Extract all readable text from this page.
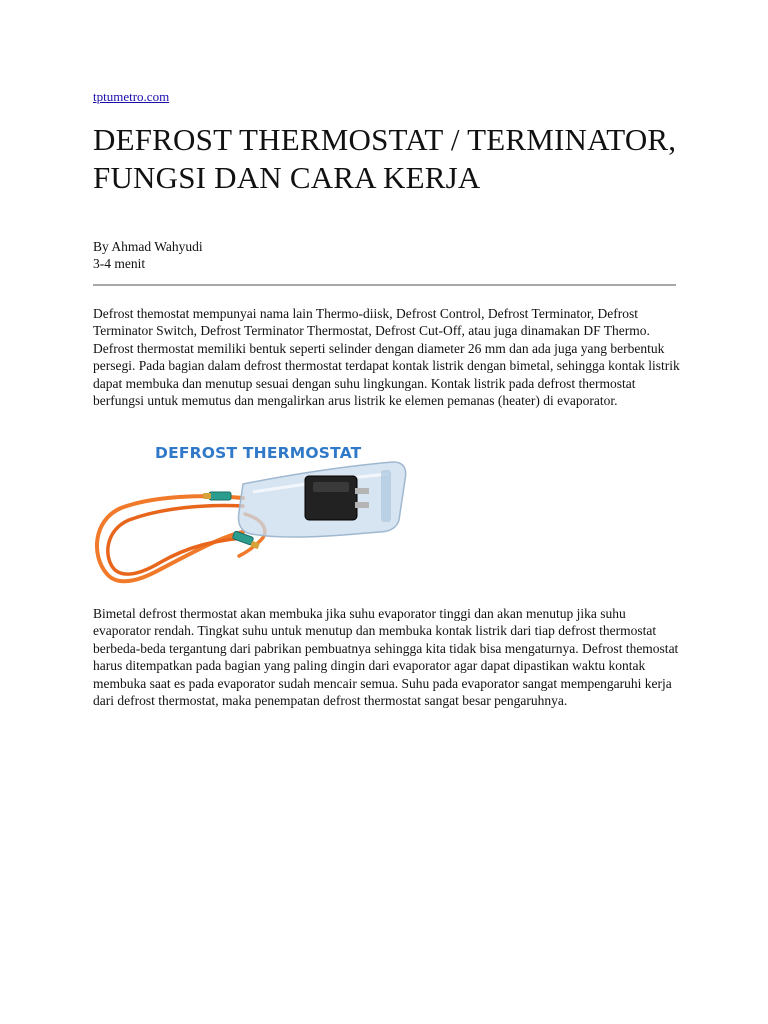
tptumetro.com
DEFROST THERMOSTAT / TERMINATOR, FUNGSI DAN CARA KERJA
By Ahmad Wahyudi
3-4 menit

Defrost themostat mempunyai nama lain Thermo-diisk, Defrost Control, Defrost Terminator, Defrost Terminator Switch, Defrost Terminator Thermostat, Defrost Cut-Off, atau juga dinamakan DF Thermo. Defrost thermostat memiliki bentuk seperti selinder dengan diameter 26 mm dan ada juga yang berbentuk persegi. Pada bagian dalam defrost thermostat terdapat kontak listrik dengan bimetal, sehingga kontak listrik dapat membuka dan menutup sesuai dengan suhu lingkungan. Kontak listrik pada defrost thermostat berfungsi untuk memutus dan mengalirkan arus listrik ke elemen pemanas (heater) di evaporator.

DEFROST THERMOSTAT

Bimetal defrost thermostat akan membuka jika suhu evaporator tinggi dan akan menutup jika suhu evaporator rendah. Tingkat suhu untuk menutup dan membuka kontak listrik dari tiap defrost thermostat berbeda-beda tergantung dari pabrikan pembuatnya sehingga kita tidak bisa mengaturnya. Defrost themostat harus ditempatkan pada bagian yang paling dingin dari evaporator agar dapat dipastikan waktu kontak membuka saat es pada evaporator sudah mencair semua. Suhu pada evaporator sangat mempengaruhi kerja dari defrost thermostat, maka penempatan defrost thermostat sangat besar pengaruhnya.
